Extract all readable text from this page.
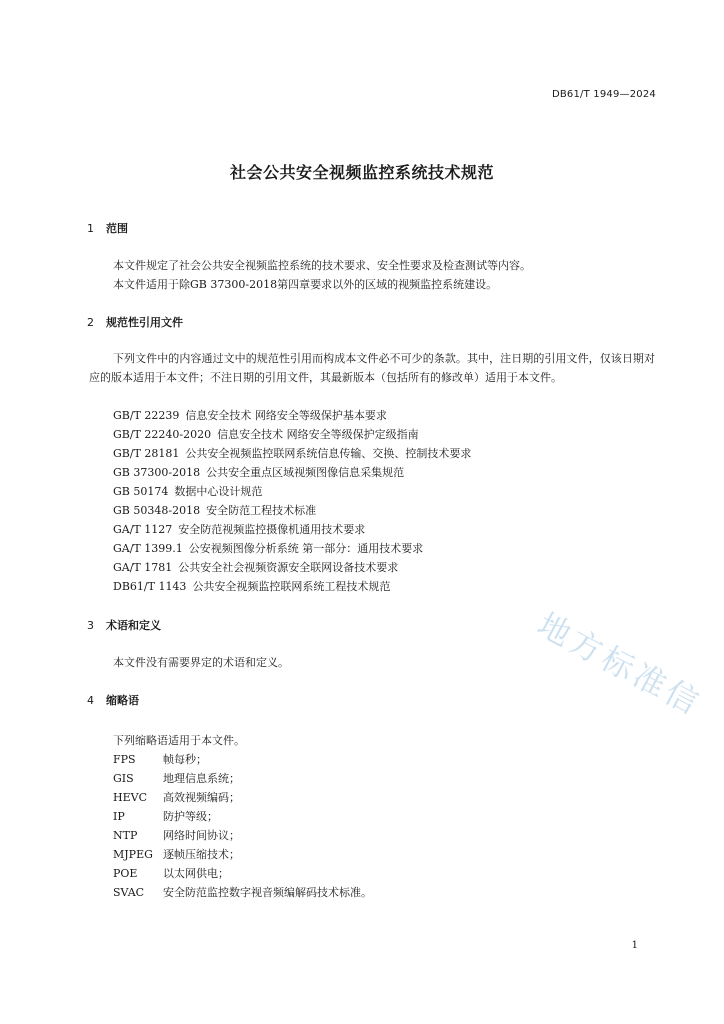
DB61/T 1949—2024
社会公共安全视频监控系统技术规范
1 范围
本文件规定了社会公共安全视频监控系统的技术要求、安全性要求及检查测试等内容。
本文件适用于除GB 37300-2018第四章要求以外的区域的视频监控系统建设。
2 规范性引用文件
下列文件中的内容通过文中的规范性引用而构成本文件必不可少的条款。其中，注日期的引用文件，仅该日期对应的版本适用于本文件；不注日期的引用文件，其最新版本（包括所有的修改单）适用于本文件。
GB/T 22239 信息安全技术 网络安全等级保护基本要求
GB/T 22240-2020 信息安全技术 网络安全等级保护定级指南
GB/T 28181 公共安全视频监控联网系统信息传输、交换、控制技术要求
GB 37300-2018 公共安全重点区域视频图像信息采集规范
GB 50174 数据中心设计规范
GB 50348-2018 安全防范工程技术标准
GA/T 1127 安全防范视频监控摄像机通用技术要求
GA/T 1399.1 公安视频图像分析系统 第一部分：通用技术要求
GA/T 1781 公共安全社会视频资源安全联网设备技术要求
DB61/T 1143 公共安全视频监控联网系统工程技术规范
3 术语和定义
本文件没有需要界定的术语和定义。
4 缩略语
下列缩略语适用于本文件。
FPS	帧每秒；
GIS	地理信息系统；
HEVC	高效视频编码；
IP	防护等级；
NTP	网络时间协议；
MJPEG	逐帧压缩技术；
POE	以太网供电；
SVAC	安全防范监控数字视音频编解码技术标准。
地方标准信
1
